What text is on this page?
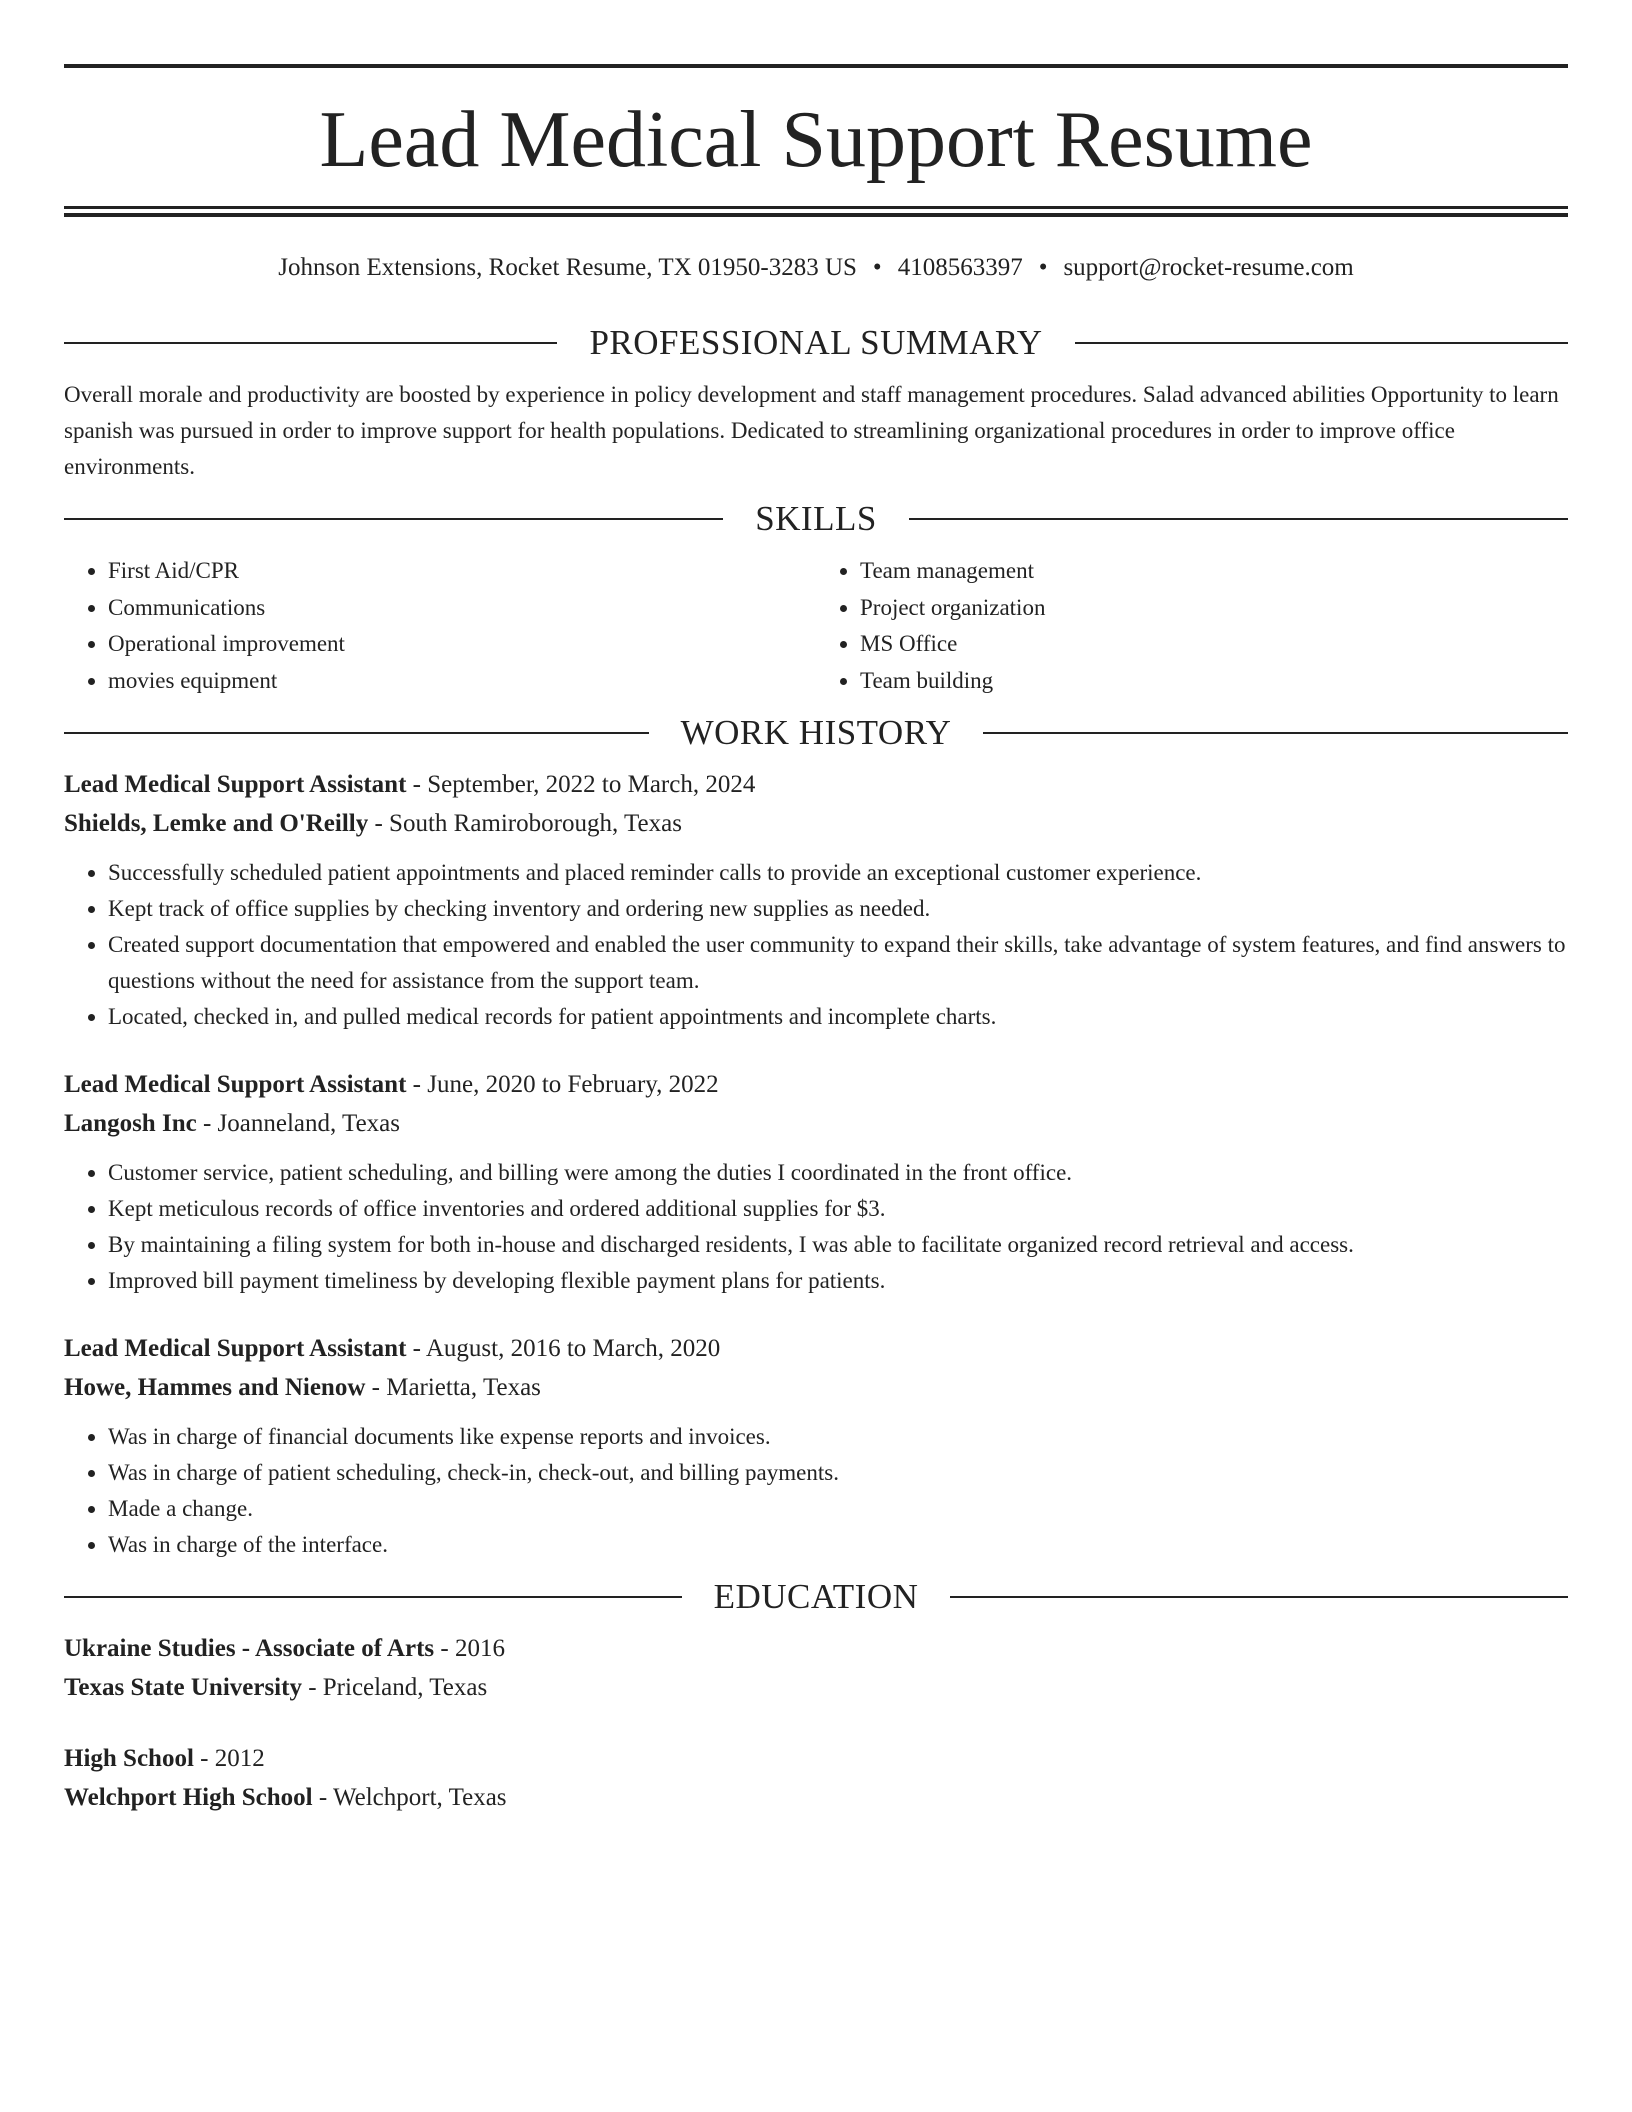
Lead Medical Support Resume
Johnson Extensions, Rocket Resume, TX 01950-3283 US • 4108563397 • support@rocket-resume.com
PROFESSIONAL SUMMARY

Overall morale and productivity are boosted by experience in policy development and staff management procedures. Salad advanced abilities Opportunity to learn spanish was pursued in order to improve support for health populations. Dedicated to streamlining organizational procedures in order to improve office environments.

SKILLS
• First Aid/CPR
• Communications
• Operational improvement
• movies equipment
• Team management
• Project organization
• MS Office
• Team building
WORK HISTORY
Lead Medical Support Assistant - September, 2022 to March, 2024
Shields, Lemke and O'Reilly - South Ramiroborough, Texas
• Successfully scheduled patient appointments and placed reminder calls to provide an exceptional customer experience.
• Kept track of office supplies by checking inventory and ordering new supplies as needed.
• Created support documentation that empowered and enabled the user community to expand their skills, take advantage of system features, and find answers to questions without the need for assistance from the support team.
• Located, checked in, and pulled medical records for patient appointments and incomplete charts.
Lead Medical Support Assistant - June, 2020 to February, 2022
Langosh Inc - Joanneland, Texas
• Customer service, patient scheduling, and billing were among the duties I coordinated in the front office.
• Kept meticulous records of office inventories and ordered additional supplies for $3.
• By maintaining a filing system for both in-house and discharged residents, I was able to facilitate organized record retrieval and access.
• Improved bill payment timeliness by developing flexible payment plans for patients.
Lead Medical Support Assistant - August, 2016 to March, 2020
Howe, Hammes and Nienow - Marietta, Texas
• Was in charge of financial documents like expense reports and invoices.
• Was in charge of patient scheduling, check-in, check-out, and billing payments.
• Made a change.
• Was in charge of the interface.
EDUCATION
Ukraine Studies - Associate of Arts - 2016
Texas State University - Priceland, Texas
High School - 2012
Welchport High School - Welchport, Texas
